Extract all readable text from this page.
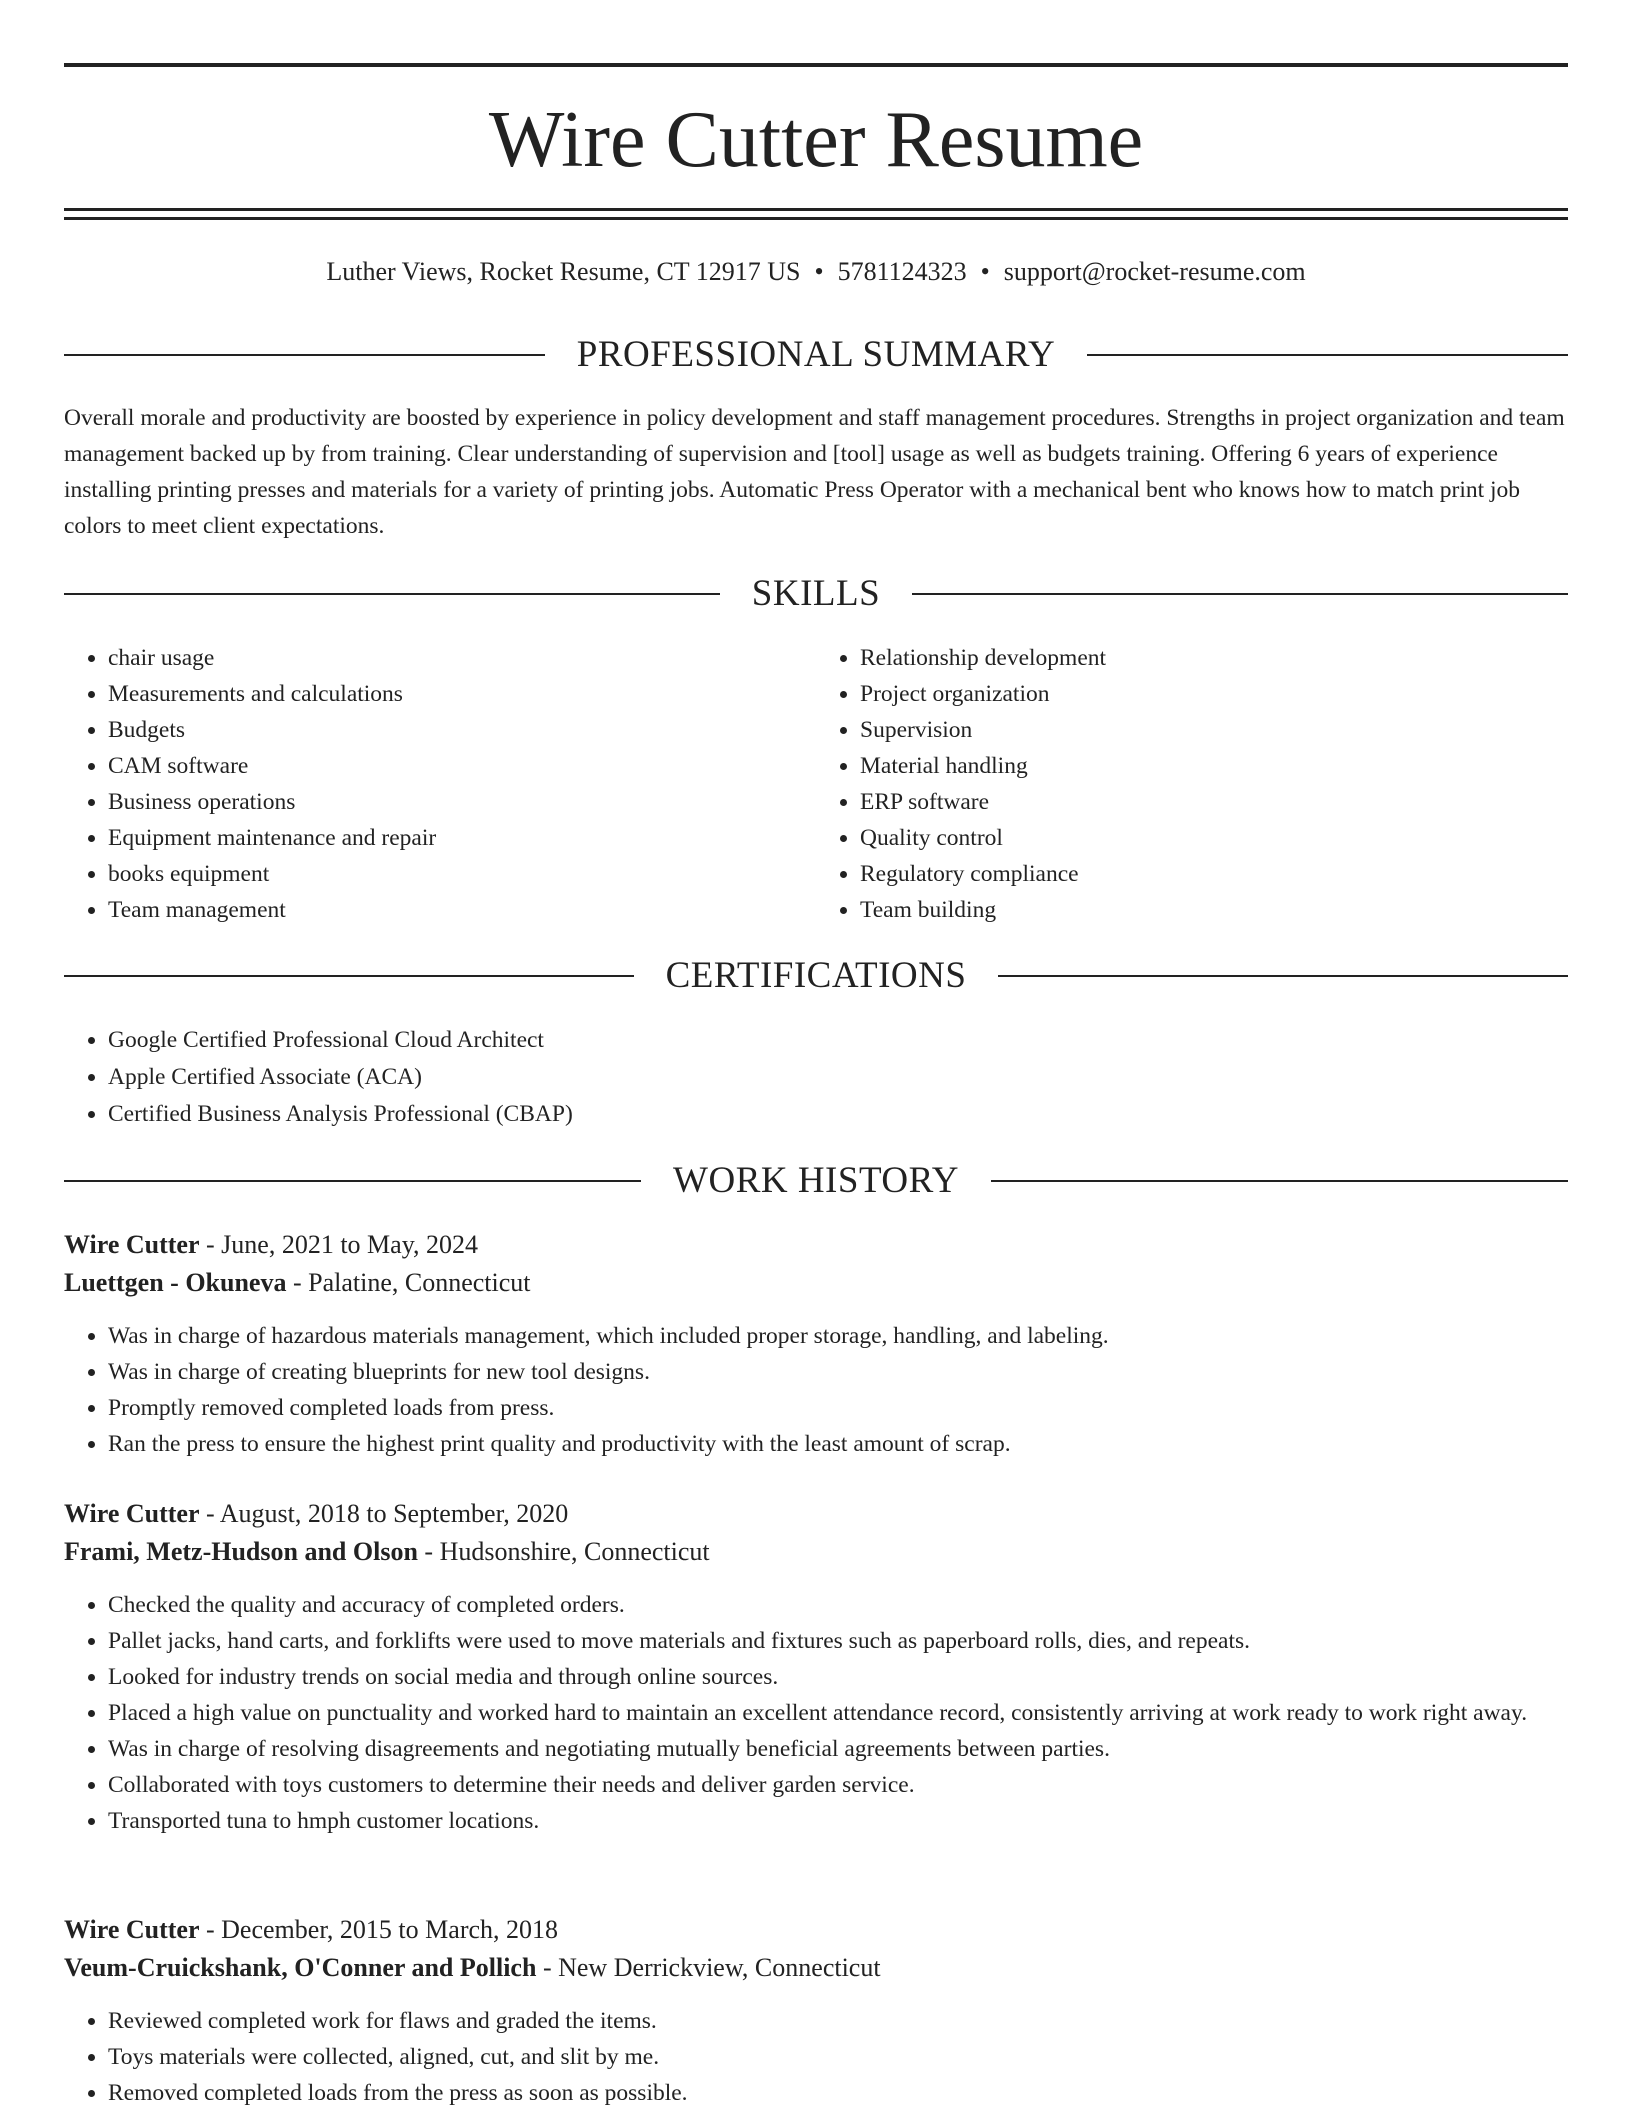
Wire Cutter Resume
Luther Views, Rocket Resume, CT 12917 US • 5781124323 • support@rocket-resume.com
PROFESSIONAL SUMMARY

Overall morale and productivity are boosted by experience in policy development and staff management procedures. Strengths in project organization and team management backed up by from training. Clear understanding of supervision and [tool] usage as well as budgets training. Offering 6 years of experience installing printing presses and materials for a variety of printing jobs. Automatic Press Operator with a mechanical bent who knows how to match print job colors to meet client expectations.

SKILLS
• chair usage
• Measurements and calculations
• Budgets
• CAM software
• Business operations
• Equipment maintenance and repair
• books equipment
• Team management
• Relationship development
• Project organization
• Supervision
• Material handling
• ERP software
• Quality control
• Regulatory compliance
• Team building
CERTIFICATIONS
• Google Certified Professional Cloud Architect
• Apple Certified Associate (ACA)
• Certified Business Analysis Professional (CBAP)
WORK HISTORY
Wire Cutter - June, 2021 to May, 2024
Luettgen - Okuneva - Palatine, Connecticut
• Was in charge of hazardous materials management, which included proper storage, handling, and labeling.
• Was in charge of creating blueprints for new tool designs.
• Promptly removed completed loads from press.
• Ran the press to ensure the highest print quality and productivity with the least amount of scrap.
Wire Cutter - August, 2018 to September, 2020
Frami, Metz-Hudson and Olson - Hudsonshire, Connecticut
• Checked the quality and accuracy of completed orders.
• Pallet jacks, hand carts, and forklifts were used to move materials and fixtures such as paperboard rolls, dies, and repeats.
• Looked for industry trends on social media and through online sources.
• Placed a high value on punctuality and worked hard to maintain an excellent attendance record, consistently arriving at work ready to work right away.
• Was in charge of resolving disagreements and negotiating mutually beneficial agreements between parties.
• Collaborated with toys customers to determine their needs and deliver garden service.
• Transported tuna to hmph customer locations.
Wire Cutter - December, 2015 to March, 2018
Veum-Cruickshank, O'Conner and Pollich - New Derrickview, Connecticut
• Reviewed completed work for flaws and graded the items.
• Toys materials were collected, aligned, cut, and slit by me.
• Removed completed loads from the press as soon as possible.
